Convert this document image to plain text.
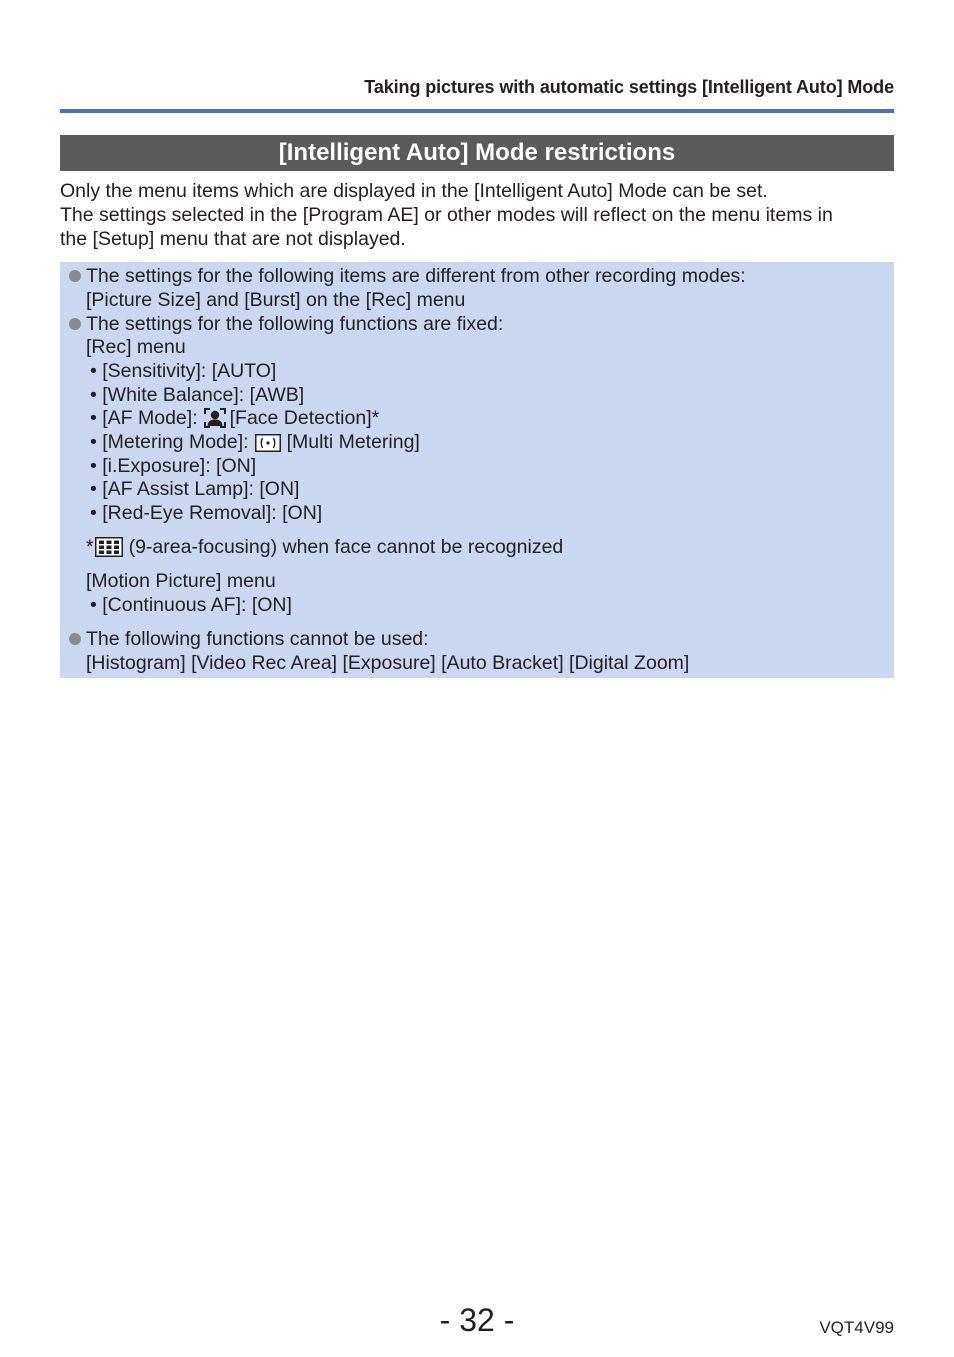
Taking pictures with automatic settings [Intelligent Auto] Mode
[Intelligent Auto] Mode restrictions
Only the menu items which are displayed in the [Intelligent Auto] Mode can be set.
The settings selected in the [Program AE] or other modes will reflect on the menu items in
the [Setup] menu that are not displayed.
The settings for the following items are different from other recording modes:
[Picture Size] and [Burst] on the [Rec] menu
The settings for the following functions are fixed:
[Rec] menu
• [Sensitivity]: [AUTO]
• [White Balance]: [AWB]
• [AF Mode]: [Face Detection]*
• [Metering Mode]: [Multi Metering]
• [i.Exposure]: [ON]
• [AF Assist Lamp]: [ON]
• [Red-Eye Removal]: [ON]
* (9-area-focusing) when face cannot be recognized
[Motion Picture] menu
• [Continuous AF]: [ON]
The following functions cannot be used:
[Histogram] [Video Rec Area] [Exposure] [Auto Bracket] [Digital Zoom]
- 32 -	VQT4V99
